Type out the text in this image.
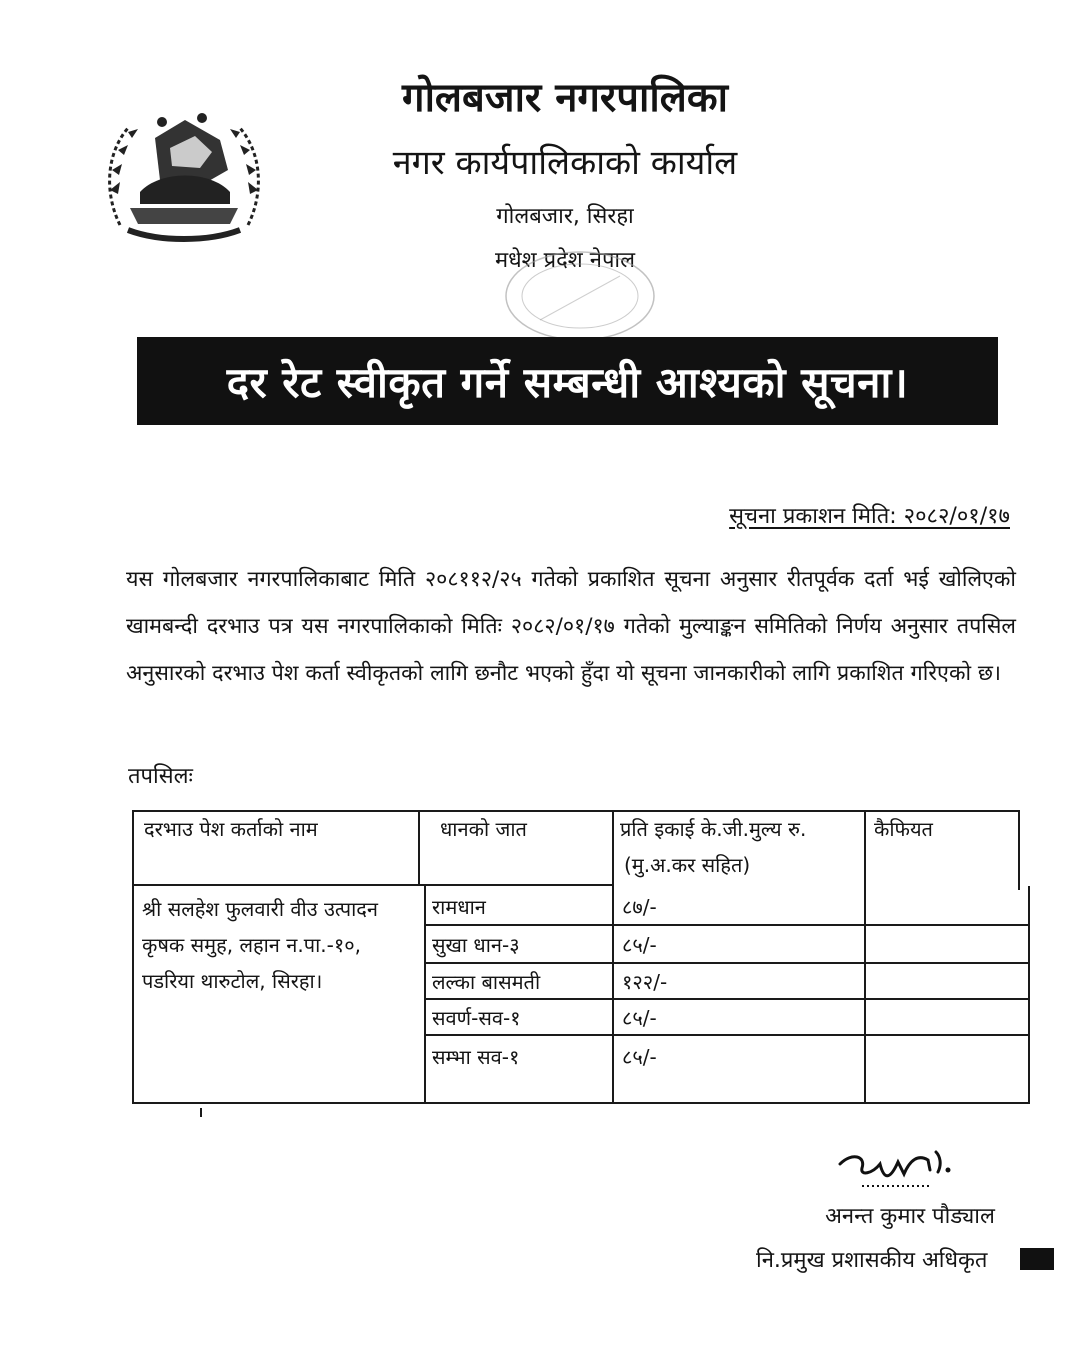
गोलबजार नगरपालिका
नगर कार्यपालिकाको कार्याल
गोलबजार, सिरहा
मधेश प्रदेश नेपाल
दर रेट स्वीकृत गर्ने सम्बन्धी आश्यको सूचना।
सूचना प्रकाशन मिति: २०८२/०१/१७
यस गोलबजार नगरपालिकाबाट मिति २०८११२/२५ गतेको प्रकाशित सूचना अनुसार रीतपूर्वक दर्ता भई खोलिएको खामबन्दी दरभाउ पत्र यस नगरपालिकाको मितिः २०८२/०१/१७ गतेको मुल्याङ्कन समितिको निर्णय अनुसार तपसिल अनुसारको दरभाउ पेश कर्ता स्वीकृतको लागि छनौट भएको हुँदा यो सूचना जानकारीको लागि प्रकाशित गरिएको छ।
तपसिलः
दरभाउ पेश कर्ताको नाम	धानको जात	प्रति इकाई के.जी.मुल्य रु.
(मु.अ.कर सहित)
कैफियत
श्री सलहेश फुलवारी वीउ उत्पादन
कृषक समुह, लहान न.पा.-१०,
पडरिया थारुटोल, सिरहा।
रामधान	८७/-
सुखा धान-३	८५/-
लल्का बासमती	१२२/-
सवर्ण-सव-१	८५/-
सम्भा सव-१	८५/-
अनन्त कुमार पौड्याल
नि.प्रमुख प्रशासकीय अधिकृत
